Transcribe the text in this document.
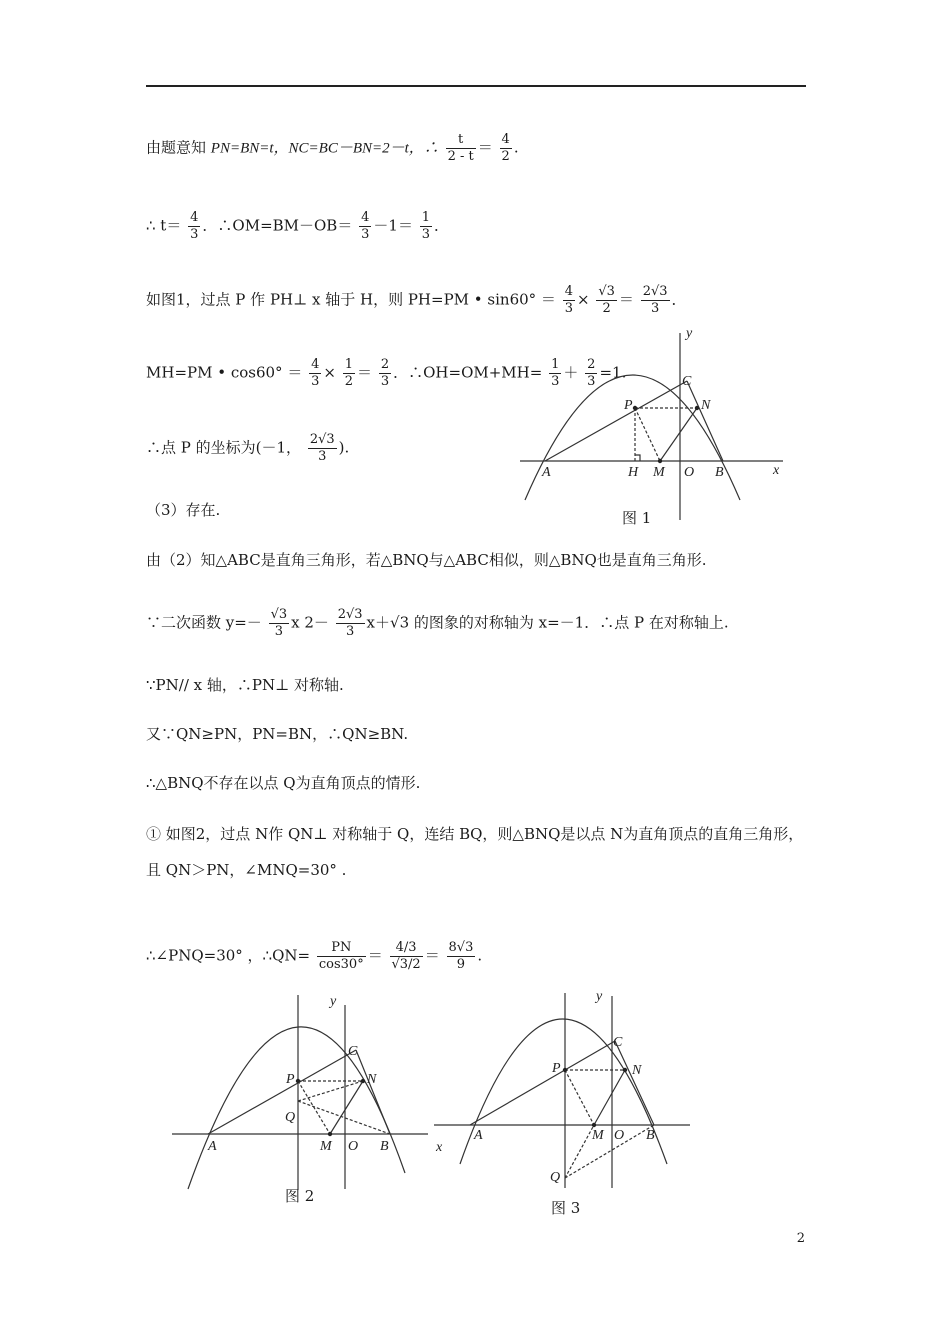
由题意知 PN=BN=t，NC=BC－BN=2－t，∴ $\frac{t}{2 - t} = \frac{4}{2}$ .
∴ $t= \frac{4}{3}$ ．∴OM=BM－OB＝ $\frac{4}{3} -1= \frac{1}{3}$ ．
如图1，过点 P 作 PH⊥ x 轴于 H，则 PH=PM • $\sin 60^\circ = \frac{4}{3} \times \frac{√3}{2} = \frac{2√3}{3}$ ．
MH=PM • $\cos 60^\circ = \frac{4}{3} \times \frac{1}{2} = \frac{2}{3}$ ．∴OH=OM+MH= $\frac{1}{3} + \frac{2}{3} =1$.
∴点 P 的坐标为(－1， $\frac{2√3}{3}$ ).
（3）存在.
由（2）知△ABC是直角三角形，若△BNQ与△ABC相似，则△BNQ也是直角三角形.
∵二次函数 $y=- \frac{√3}{3}$ x $2- \frac{2√3}{3} x+√3$ 的图象的对称轴为 x=－1．∴点 P 在对称轴上.
∵PN// x 轴，∴PN⊥ 对称轴.
又∵QN≥PN，PN=BN，∴QN≥BN.
∴△BNQ不存在以点 Q为直角顶点的情形.
① 如图2，过点 N作 QN⊥ 对称轴于 Q，连结 BQ，则△BNQ是以点 N为直角顶点的直角三角形，
且 QN＞PN，∠MNQ=30° .
∴∠PNQ=30° ，∴QN= $\frac{PN}{\cos 30^\circ} = \frac{4/3}{√3/2} = \frac{8√3}{9}$ .
y
x
A	B
C
P	N
H M O
图 1
y
A	B
C
P	N
Q
M O
图 2
y
x
A	B
C
P	N
Q
M O
图 3
2
